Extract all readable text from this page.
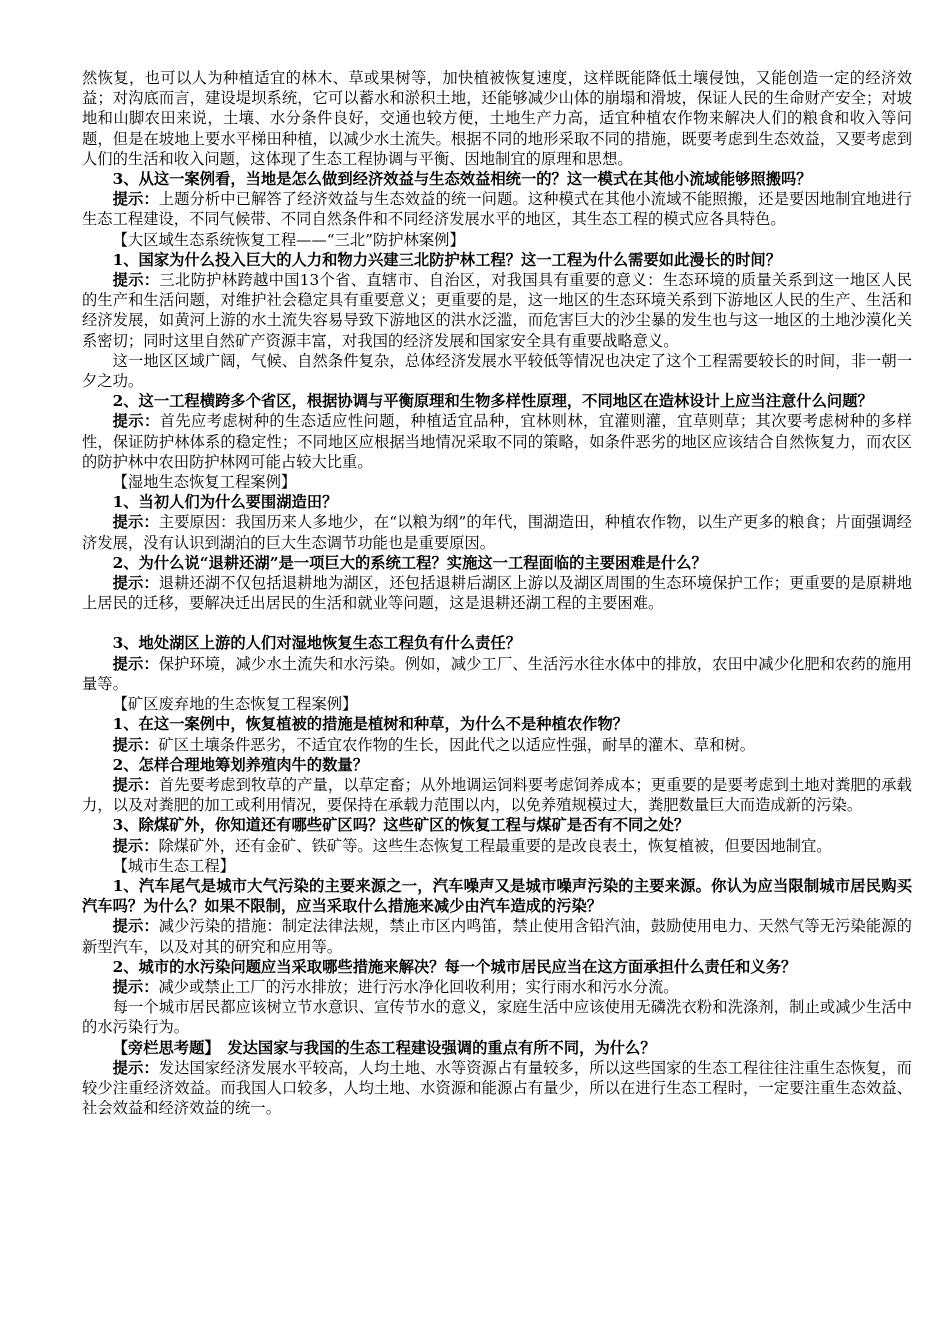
然恢复，也可以人为种植适宜的林木、草或果树等，加快植被恢复速度，这样既能降低土壤侵蚀，又能创造一定的经济效益；对沟底而言，建设堤坝系统，它可以蓄水和淤积土地，还能够减少山体的崩塌和滑坡，保证人民的生命财产安全；对坡地和山脚农田来说，土壤、水分条件良好，交通也较方便，土地生产力高，适宜种植农作物来解决人们的粮食和收入等问题，但是在坡地上要水平梯田种植，以减少水土流失。根据不同的地形采取不同的措施，既要考虑到生态效益，又要考虑到人们的生活和收入问题，这体现了生态工程协调与平衡、因地制宜的原理和思想。

3、从这一案例看，当地是怎么做到经济效益与生态效益相统一的？这一模式在其他小流域能够照搬吗？

提示：上题分析中已解答了经济效益与生态效益的统一问题。这种模式在其他小流域不能照搬，还是要因地制宜地进行生态工程建设，不同气候带、不同自然条件和不同经济发展水平的地区，其生态工程的模式应各具特色。

【大区域生态系统恢复工程——“三北”防护林案例】

1、国家为什么投入巨大的人力和物力兴建三北防护林工程？这一工程为什么需要如此漫长的时间？

提示：三北防护林跨越中国13个省、直辖市、自治区，对我国具有重要的意义：生态环境的质量关系到这一地区人民的生产和生活问题，对维护社会稳定具有重要意义；更重要的是，这一地区的生态环境关系到下游地区人民的生产、生活和经济发展，如黄河上游的水土流失容易导致下游地区的洪水泛滥，而危害巨大的沙尘暴的发生也与这一地区的土地沙漠化关系密切；同时这里自然矿产资源丰富，对我国的经济发展和国家安全具有重要战略意义。

这一地区区域广阔，气候、自然条件复杂，总体经济发展水平较低等情况也决定了这个工程需要较长的时间，非一朝一夕之功。

2、这一工程横跨多个省区，根据协调与平衡原理和生物多样性原理，不同地区在造林设计上应当注意什么问题？

提示：首先应考虑树种的生态适应性问题，种植适宜品种，宜林则林，宜灌则灌，宜草则草；其次要考虑树种的多样性，保证防护林体系的稳定性；不同地区应根据当地情况采取不同的策略，如条件恶劣的地区应该结合自然恢复力，而农区的防护林中农田防护林网可能占较大比重。

【湿地生态恢复工程案例】

1、当初人们为什么要围湖造田？

提示：主要原因：我国历来人多地少，在“以粮为纲”的年代，围湖造田，种植农作物，以生产更多的粮食；片面强调经济发展，没有认识到湖泊的巨大生态调节功能也是重要原因。

2、为什么说“退耕还湖”是一项巨大的系统工程？实施这一工程面临的主要困难是什么？

提示：退耕还湖不仅包括退耕地为湖区，还包括退耕后湖区上游以及湖区周围的生态环境保护工作；更重要的是原耕地上居民的迁移，要解决迁出居民的生活和就业等问题，这是退耕还湖工程的主要困难。

3、地处湖区上游的人们对湿地恢复生态工程负有什么责任？

提示：保护环境，减少水土流失和水污染。例如，减少工厂、生活污水往水体中的排放，农田中减少化肥和农药的施用量等。

【矿区废弃地的生态恢复工程案例】

1、在这一案例中，恢复植被的措施是植树和种草，为什么不是种植农作物？

提示：矿区土壤条件恶劣，不适宜农作物的生长，因此代之以适应性强，耐旱的灌木、草和树。

2、怎样合理地筹划养殖肉牛的数量？

提示：首先要考虑到牧草的产量，以草定畜；从外地调运饲料要考虑饲养成本；更重要的是要考虑到土地对粪肥的承载力，以及对粪肥的加工或利用情况，要保持在承载力范围以内，以免养殖规模过大，粪肥数量巨大而造成新的污染。

3、除煤矿外，你知道还有哪些矿区吗？这些矿区的恢复工程与煤矿是否有不同之处？

提示：除煤矿外，还有金矿、铁矿等。这些生态恢复工程最重要的是改良表土，恢复植被，但要因地制宜。

【城市生态工程】

1、汽车尾气是城市大气污染的主要来源之一，汽车噪声又是城市噪声污染的主要来源。你认为应当限制城市居民购买汽车吗？为什么？如果不限制，应当采取什么措施来减少由汽车造成的污染？

提示：减少污染的措施：制定法律法规，禁止市区内鸣笛，禁止使用含铅汽油，鼓励使用电力、天然气等无污染能源的新型汽车，以及对其的研究和应用等。

2、城市的水污染问题应当采取哪些措施来解决？每一个城市居民应当在这方面承担什么责任和义务？

提示：减少或禁止工厂的污水排放；进行污水净化回收利用；实行雨水和污水分流。

每一个城市居民都应该树立节水意识、宣传节水的意义，家庭生活中应该使用无磷洗衣粉和洗涤剂，制止或减少生活中的水污染行为。

【旁栏思考题】　发达国家与我国的生态工程建设强调的重点有所不同，为什么？

提示：发达国家经济发展水平较高，人均土地、水等资源占有量较多，所以这些国家的生态工程往往注重生态恢复，而较少注重经济效益。而我国人口较多，人均土地、水资源和能源占有量少，所以在进行生态工程时，一定要注重生态效益、社会效益和经济效益的统一。
